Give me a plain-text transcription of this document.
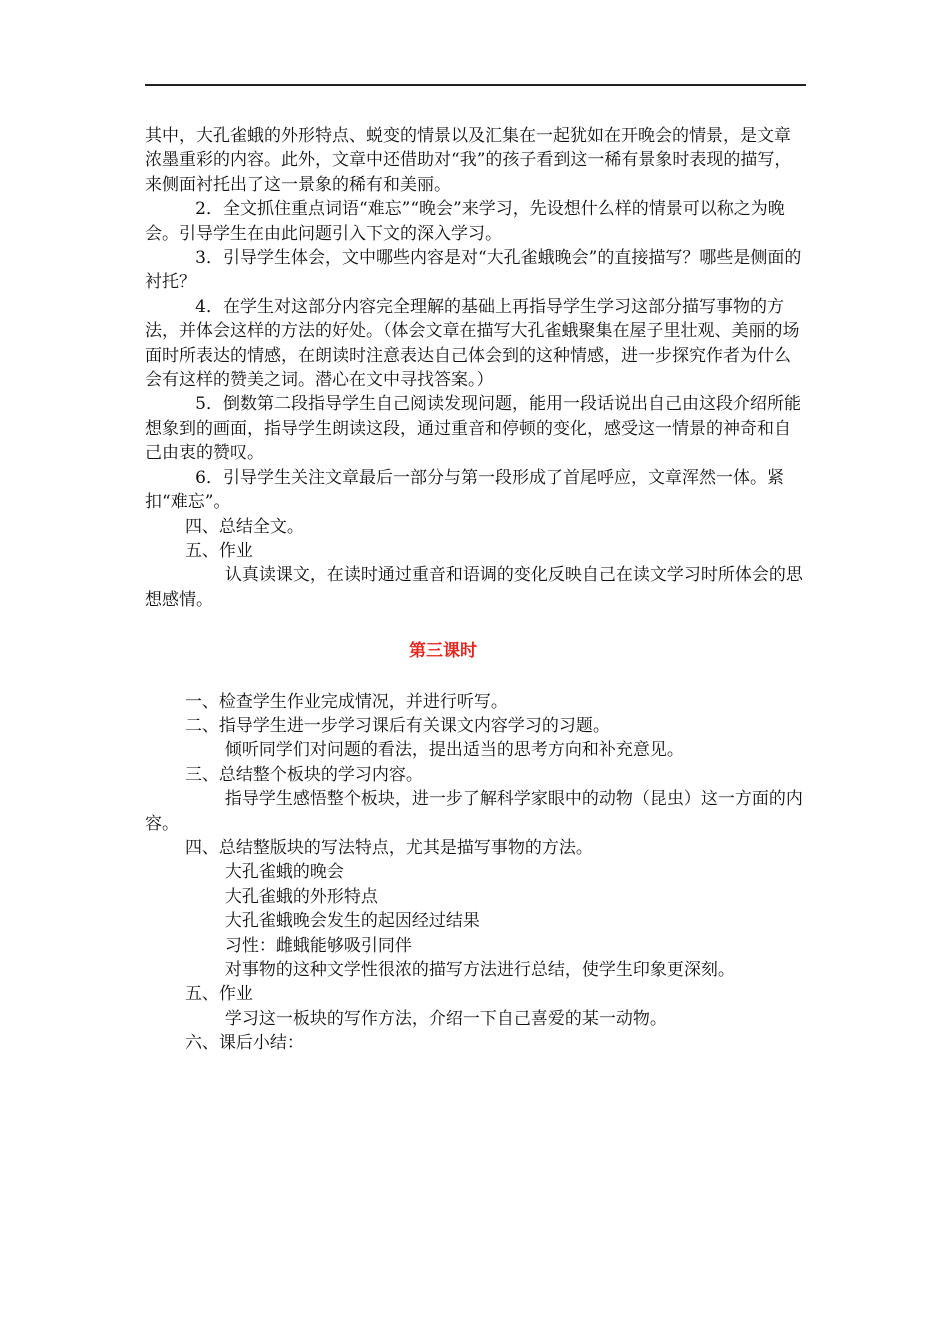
其中，大孔雀蛾的外形特点、蜕变的情景以及汇集在一起犹如在开晚会的情景，是文章浓墨重彩的内容。此外，文章中还借助对“我”的孩子看到这一稀有景象时表现的描写，来侧面衬托出了这一景象的稀有和美丽。

2．全文抓住重点词语“难忘”“晚会”来学习，先设想什么样的情景可以称之为晚会。引导学生在由此问题引入下文的深入学习。

3．引导学生体会，文中哪些内容是对“大孔雀蛾晚会”的直接描写？哪些是侧面的衬托？

4．在学生对这部分内容完全理解的基础上再指导学生学习这部分描写事物的方法，并体会这样的方法的好处。（体会文章在描写大孔雀蛾聚集在屋子里壮观、美丽的场面时所表达的情感，在朗读时注意表达自己体会到的这种情感，进一步探究作者为什么会有这样的赞美之词。潜心在文中寻找答案。）

5．倒数第二段指导学生自己阅读发现问题，能用一段话说出自己由这段介绍所能想象到的画面，指导学生朗读这段，通过重音和停顿的变化，感受这一情景的神奇和自己由衷的赞叹。

6．引导学生关注文章最后一部分与第一段形成了首尾呼应，文章浑然一体。紧扣“难忘”。

四、总结全文。

五、作业

认真读课文，在读时通过重音和语调的变化反映自己在读文学习时所体会的思想感情。

第三课时

一、检查学生作业完成情况，并进行听写。

二、指导学生进一步学习课后有关课文内容学习的习题。

倾听同学们对问题的看法，提出适当的思考方向和补充意见。

三、总结整个板块的学习内容。

指导学生感悟整个板块，进一步了解科学家眼中的动物（昆虫）这一方面的内容。

四、总结整版块的写法特点，尤其是描写事物的方法。

大孔雀蛾的晚会

大孔雀蛾的外形特点

大孔雀蛾晚会发生的起因经过结果

习性：雌蛾能够吸引同伴

对事物的这种文学性很浓的描写方法进行总结，使学生印象更深刻。

五、作业

学习这一板块的写作方法，介绍一下自己喜爱的某一动物。

六、课后小结：
